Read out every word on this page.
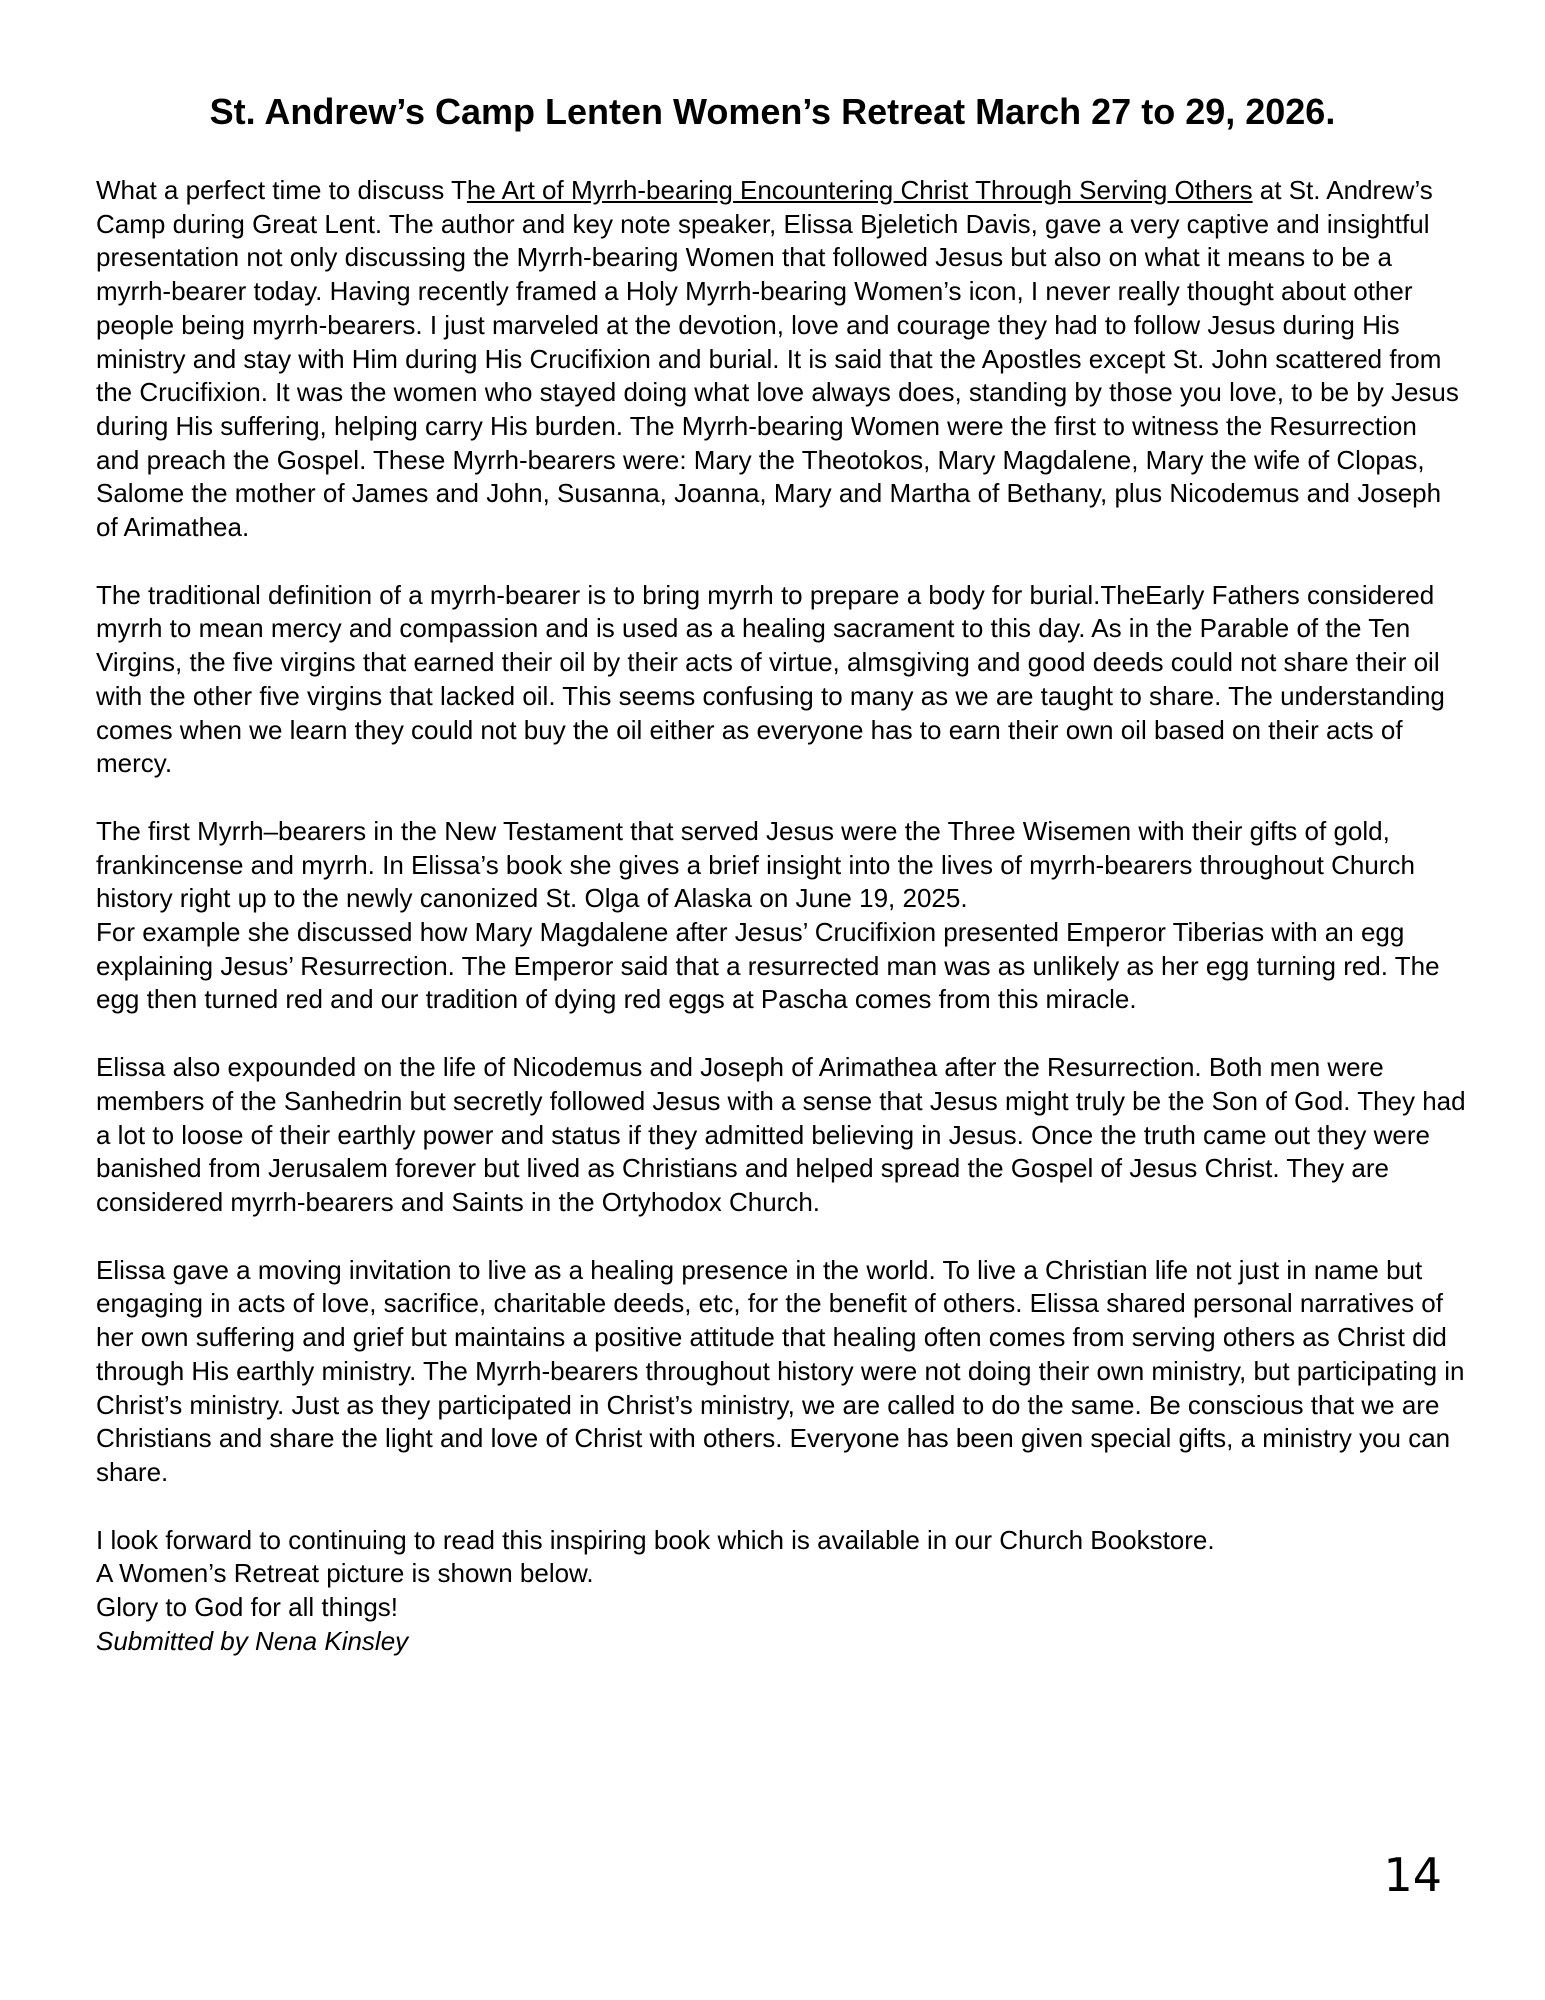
St. Andrew’s Camp Lenten Women’s Retreat March 27 to 29, 2026.

What a perfect time to discuss The Art of Myrrh-bearing Encountering Christ Through Serving Others at St. Andrew’s Camp during Great Lent. The author and key note speaker, Elissa Bjeletich Davis, gave a very captive and insightful presentation not only discussing the Myrrh-bearing Women that followed Jesus but also on what it means to be a myrrh-bearer today. Having recently framed a Holy Myrrh-bearing Women’s icon, I never really thought about other people being myrrh-bearers. I just marveled at the devotion, love and courage they had to follow Jesus during His ministry and stay with Him during His Crucifixion and burial. It is said that the Apostles except St. John scattered from the Crucifixion. It was the women who stayed doing what love always does, standing by those you love, to be by Jesus during His suffering, helping carry His burden. The Myrrh-bearing Women were the first to witness the Resurrection and preach the Gospel. These Myrrh-bearers were: Mary the Theotokos, Mary Magdalene, Mary the wife of Clopas, Salome the mother of James and John, Susanna, Joanna, Mary and Martha of Bethany, plus Nicodemus and Joseph of Arimathea.

The traditional definition of a myrrh-bearer is to bring myrrh to prepare a body for burial.TheEarly Fathers considered myrrh to mean mercy and compassion and is used as a healing sacrament to this day. As in the Parable of the Ten Virgins, the five virgins that earned their oil by their acts of virtue, almsgiving and good deeds could not share their oil with the other five virgins that lacked oil. This seems confusing to many as we are taught to share. The understanding comes when we learn they could not buy the oil either as everyone has to earn their own oil based on their acts of mercy.

The first Myrrh–bearers in the New Testament that served Jesus were the Three Wisemen with their gifts of gold, frankincense and myrrh. In Elissa’s book she gives a brief insight into the lives of myrrh-bearers throughout Church history right up to the newly canonized St. Olga of Alaska on June 19, 2025.
For example she discussed how Mary Magdalene after Jesus’ Crucifixion presented Emperor Tiberias with an egg explaining Jesus’ Resurrection. The Emperor said that a resurrected man was as unlikely as her egg turning red. The egg then turned red and our tradition of dying red eggs at Pascha comes from this miracle.

Elissa also expounded on the life of Nicodemus and Joseph of Arimathea after the Resurrection. Both men were members of the Sanhedrin but secretly followed Jesus with a sense that Jesus might truly be the Son of God. They had a lot to loose of their earthly power and status if they admitted believing in Jesus. Once the truth came out they were banished from Jerusalem forever but lived as Christians and helped spread the Gospel of Jesus Christ. They are considered myrrh-bearers and Saints in the Ortyhodox Church.

Elissa gave a moving invitation to live as a healing presence in the world. To live a Christian life not just in name but engaging in acts of love, sacrifice, charitable deeds, etc, for the benefit of others. Elissa shared personal narratives of her own suffering and grief but maintains a positive attitude that healing often comes from serving others as Christ did through His earthly ministry. The Myrrh-bearers throughout history were not doing their own ministry, but participating in Christ’s ministry. Just as they participated in Christ’s ministry, we are called to do the same. Be conscious that we are Christians and share the light and love of Christ with others. Everyone has been given special gifts, a ministry you can share.

I look forward to continuing to read this inspiring book which is available in our Church Bookstore.
A Women’s Retreat picture is shown below.
Glory to God for all things!
Submitted by Nena Kinsley

14
